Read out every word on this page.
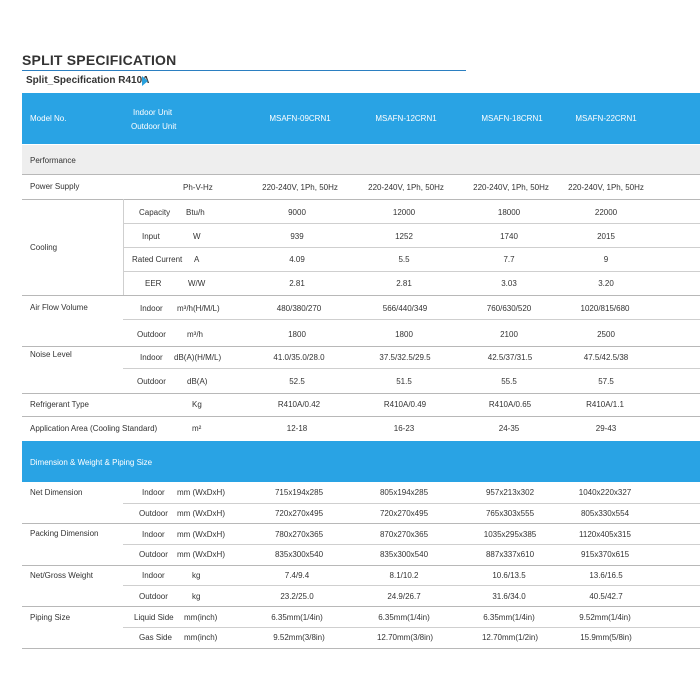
SPLIT SPECIFICATION
Split_Specification R410A
Model No.
Indoor Unit
Outdoor Unit
MSAFN-09CRN1	MSAFN-12CRN1	MSAFN-18CRN1	MSAFN-22CRN1
Performance
Power Supply	Ph-V-Hz	220-240V, 1Ph, 50Hz	220-240V, 1Ph, 50Hz	220-240V, 1Ph, 50Hz 220-240V, 1Ph, 50Hz
Cooling
Capacity Btu/h	9000	12000	18000	22000
Input	W	939	1252	1740	2015
Rated Current A	4.09	5.5	7.7	9
EER	W/W	2.81	2.81	3.03	3.20
Air Flow Volume	Indoor m³/h(H/M/L)	480/380/270	566/440/349	760/630/520	1020/815/680
Outdoor	m³/h	1800	1800	2100	2500
Noise Level	Indoor dB(A)(H/M/L)	41.0/35.0/28.0	37.5/32.5/29.5	42.5/37/31.5	47.5/42.5/38
Outdoor	dB(A)	52.5	51.5	55.5	57.5
Refrigerant Type	Kg	R410A/0.42	R410A/0.49	R410A/0.65	R410A/1.1
Application Area (Cooling Standard)	m²	12-18	16-23	24-35	29-43
Dimension & Weight & Piping Size
Net Dimension	Indoor mm (WxDxH)	715x194x285	805x194x285	957x213x302	1040x220x327
Outdoor mm (WxDxH)	720x270x495	720x270x495	765x303x555	805x330x554
Packing Dimension	Indoor mm (WxDxH)	780x270x365	870x270x365	1035x295x385	1120x405x315
Outdoor mm (WxDxH)	835x300x540	835x300x540	887x337x610	915x370x615
Net/Gross Weight	Indoor	kg	7.4/9.4	8.1/10.2	10.6/13.5	13.6/16.5
Outdoor	kg	23.2/25.0	24.9/26.7	31.6/34.0	40.5/42.7
Piping Size	Liquid Side mm(inch)	6.35mm(1/4in)	6.35mm(1/4in)	6.35mm(1/4in)	9.52mm(1/4in)
Gas Side mm(inch)	9.52mm(3/8in)	12.70mm(3/8in)	12.70mm(1/2in)	15.9mm(5/8in)
